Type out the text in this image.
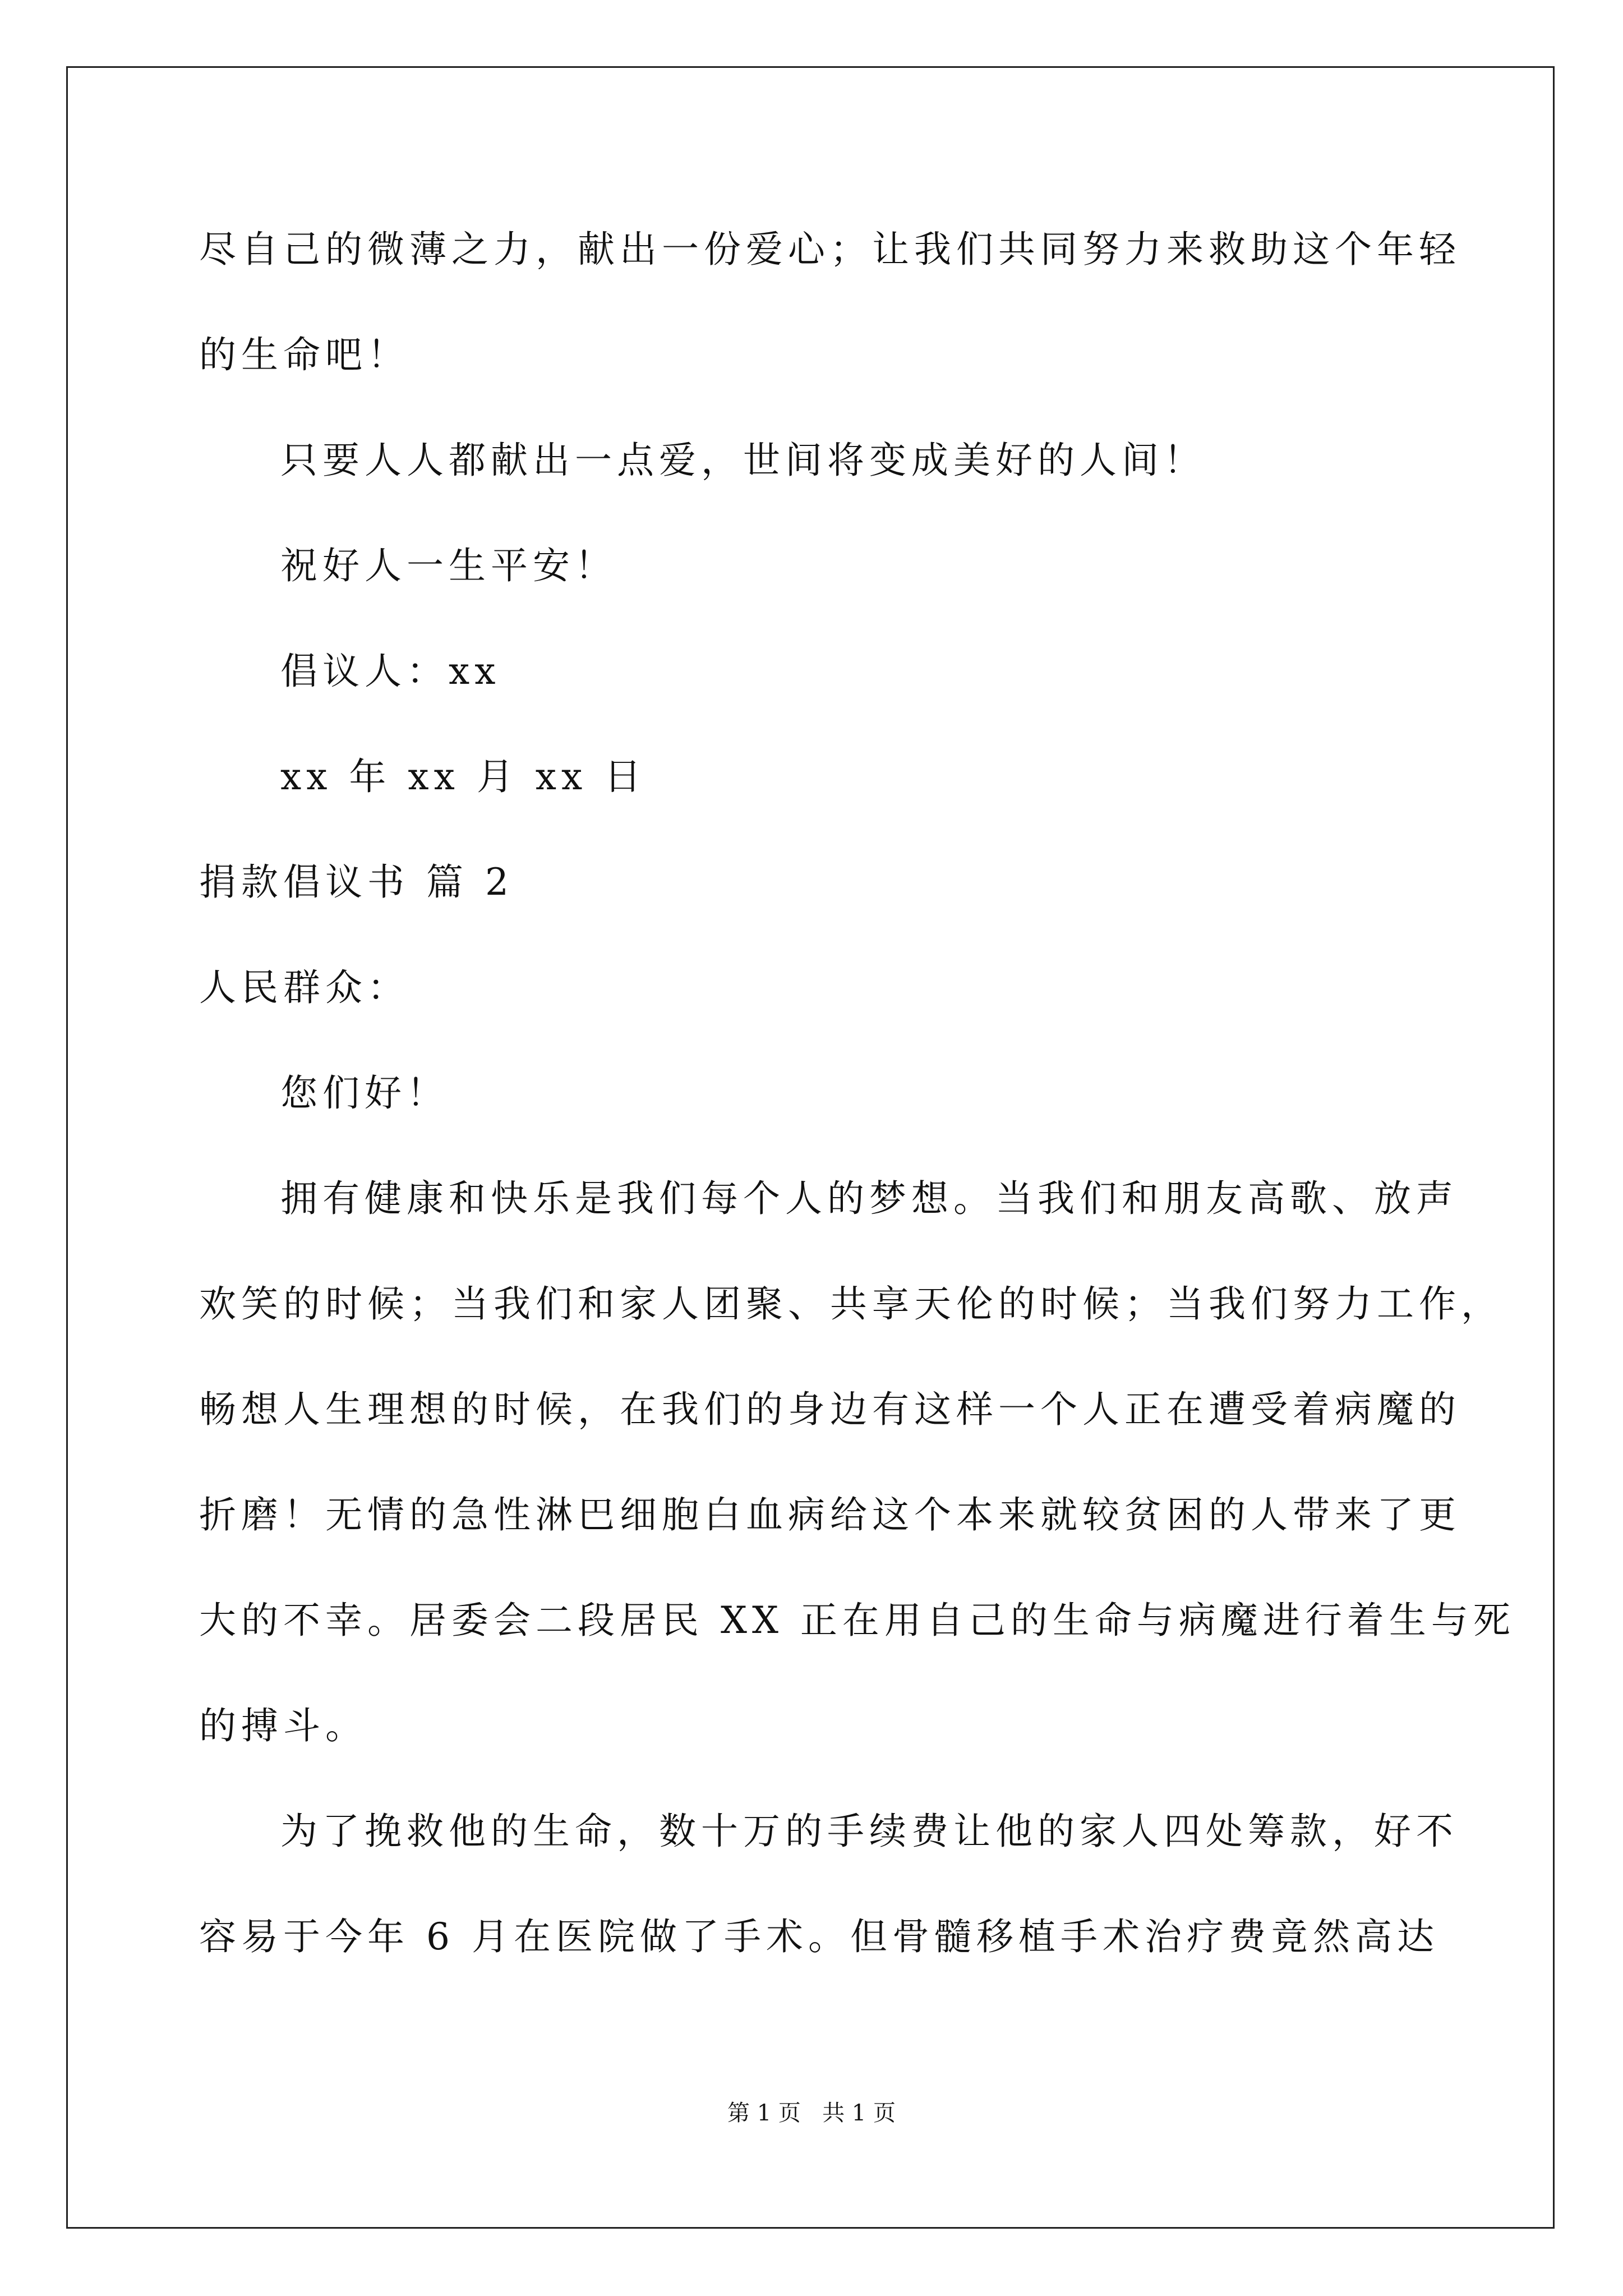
尽自己的微薄之力，献出一份爱心；让我们共同努力来救助这个年轻
的生命吧！
只要人人都献出一点爱，世间将变成美好的人间！
祝好人一生平安！
倡议人：xx
xx 年 xx 月 xx 日
捐款倡议书 篇 2
人民群众：
您们好！
拥有健康和快乐是我们每个人的梦想。当我们和朋友高歌、放声
欢笑的时候；当我们和家人团聚、共享天伦的时候；当我们努力工作，
畅想人生理想的时候，在我们的身边有这样一个人正在遭受着病魔的
折磨！无情的急性淋巴细胞白血病给这个本来就较贫困的人带来了更
大的不幸。居委会二段居民 XX 正在用自己的生命与病魔进行着生与死
的搏斗。
为了挽救他的生命，数十万的手续费让他的家人四处筹款，好不
容易于今年 6 月在医院做了手术。但骨髓移植手术治疗费竟然高达
第 1 页   共 1 页
